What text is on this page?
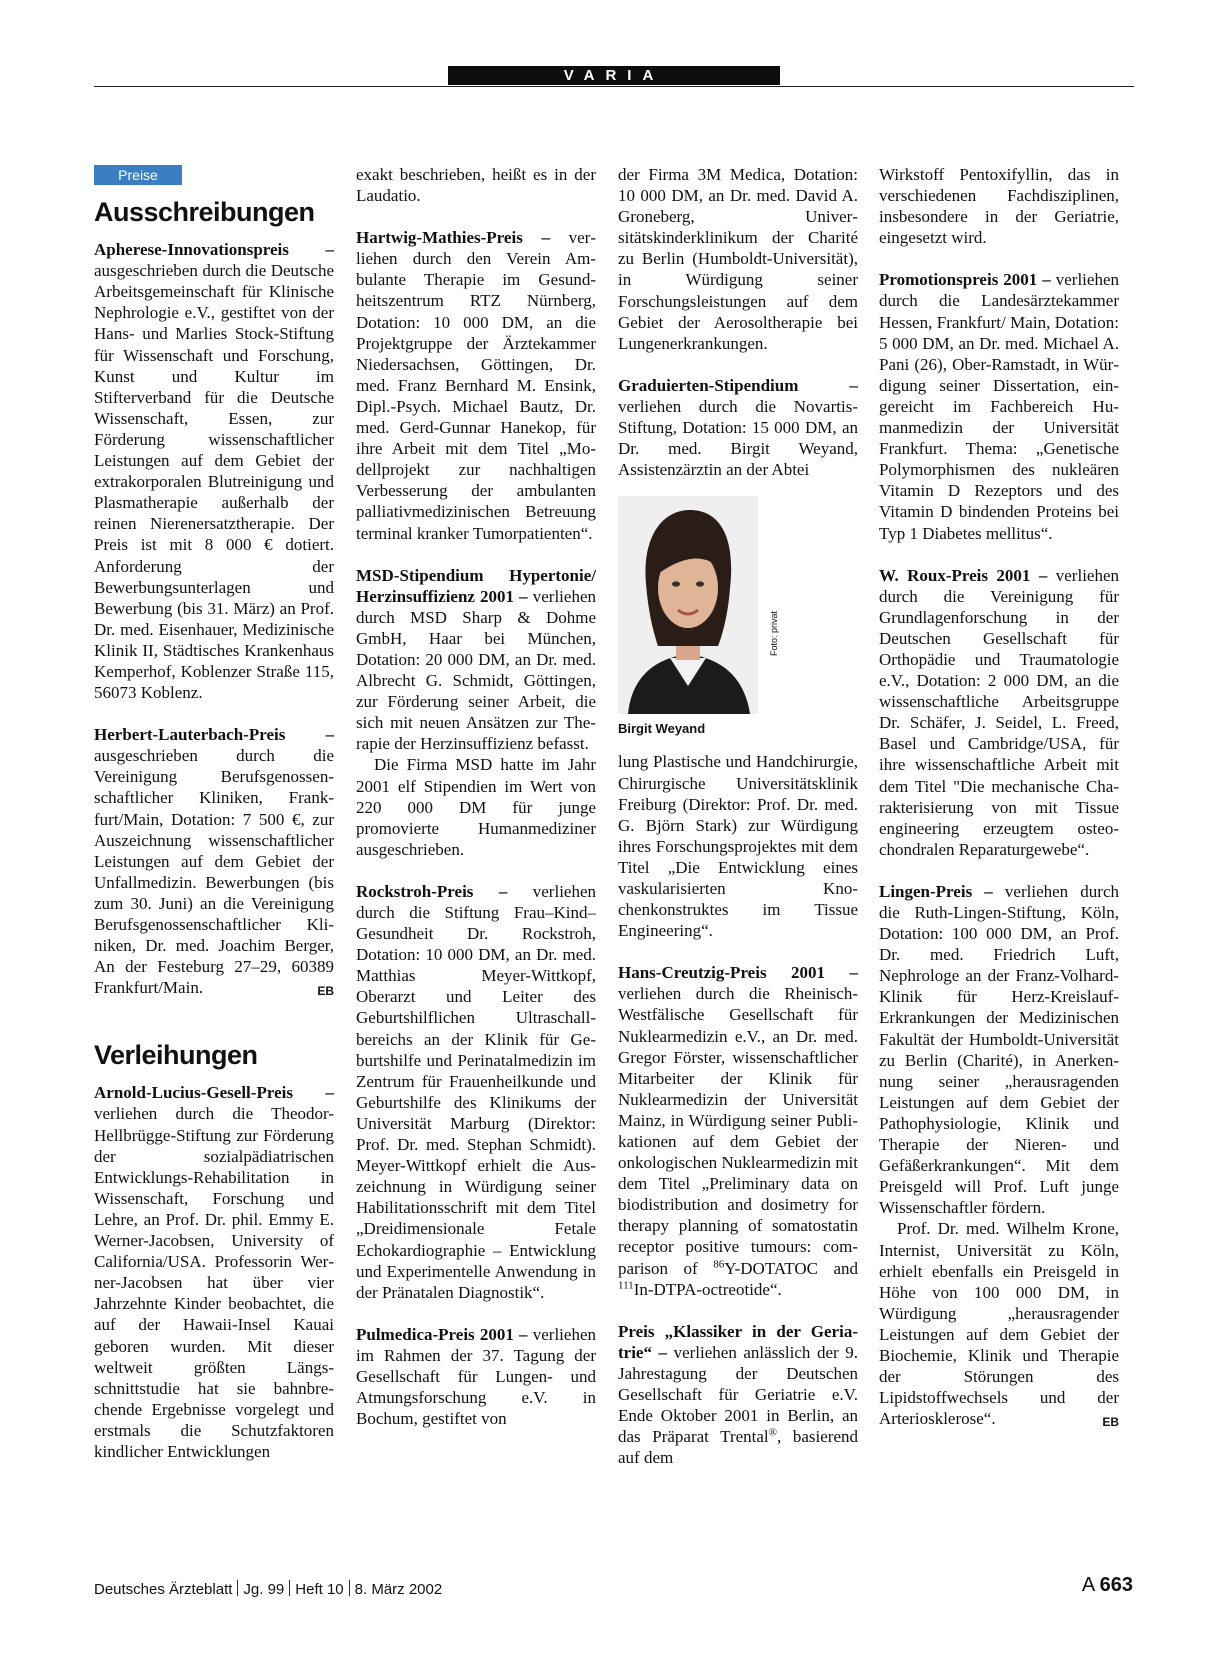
VARIA
Preise
Ausschreibungen

Apherese-Innovationspreis – ausgeschrieben durch die Deutsche Arbeitsgemeinschaft für Klinische Nephrologie e.V., gestiftet von der Hans- und Marlies Stock-Stiftung für Wissenschaft und Forschung, Kunst und Kultur im Stifterverband für die Deutsche Wissenschaft, Essen, zur Förderung wissenschaftlicher Leistungen auf dem Gebiet der extrakorporalen Blutreinigung und Plasmatherapie außerhalb der reinen Nierenersatztherapie. Der Preis ist mit 8 000 € dotiert. Anforderung der Bewerbungsunterlagen und Bewerbung (bis 31. März) an Prof. Dr. med. Eisenhauer, Medizinische Klinik II, Städtisches Krankenhaus Kemperhof, Koblenzer Straße 115, 56073 Koblenz.

Herbert-Lauterbach-Preis – ausgeschrieben durch die Vereinigung Berufsgenossenschaftlicher Kliniken, Frankfurt/Main, Dotation: 7 500 €, zur Auszeichnung wissenschaftlicher Leistungen auf dem Gebiet der Unfallmedizin. Bewerbungen (bis zum 30. Juni) an die Vereinigung Berufsgenossenschaftlicher Kliniken, Dr. med. Joachim Berger, An der Festeburg 27–29, 60389 Frankfurt/Main.	EB

Verleihungen

Arnold-Lucius-Gesell-Preis – verliehen durch die Theodor-Hellbrügge-Stiftung zur Förderung der sozialpädiatrischen Entwicklungs-Rehabilitation in Wissenschaft, Forschung und Lehre, an Prof. Dr. phil. Emmy E. Werner-Jacobsen, University of California/USA. Professorin Werner-Jacobsen hat über vier Jahrzehnte Kinder beobachtet, die auf der Hawaii-Insel Kauai geboren wurden. Mit dieser weltweit größten Längsschnittstudie hat sie bahnbrechende Ergebnisse vorgelegt und erstmals die Schutzfaktoren kindlicher Entwicklungen

exakt beschrieben, heißt es in der Laudatio.

Hartwig-Mathies-Preis – verliehen durch den Verein Ambulante Therapie im Gesundheitszentrum RTZ Nürnberg, Dotation: 10 000 DM, an die Projektgruppe der Ärztekammer Niedersachsen, Göttingen, Dr. med. Franz Bernhard M. Ensink, Dipl.-Psych. Michael Bautz, Dr. med. Gerd-Gunnar Hanekop, für ihre Arbeit mit dem Titel „Modellprojekt zur nachhaltigen Verbesserung der ambulanten palliativmedizinischen Betreuung terminal kranker Tumorpatienten“.

MSD-Stipendium Hypertonie/ Herzinsuffizienz 2001 – verliehen durch MSD Sharp & Dohme GmbH, Haar bei München, Dotation: 20 000 DM, an Dr. med. Albrecht G. Schmidt, Göttingen, zur Förderung seiner Arbeit, die sich mit neuen Ansätzen zur Therapie der Herzinsuffizienz befasst.

Die Firma MSD hatte im Jahr 2001 elf Stipendien im Wert von 220 000 DM für junge promovierte Humanmediziner ausgeschrieben.

Rockstroh-Preis – verliehen durch die Stiftung Frau–Kind–Gesundheit Dr. Rockstroh, Dotation: 10 000 DM, an Dr. med. Matthias Meyer-Wittkopf, Oberarzt und Leiter des Geburtshilflichen Ultraschallbereichs an der Klinik für Geburtshilfe und Perinatalmedizin im Zentrum für Frauenheilkunde und Geburtshilfe des Klinikums der Universität Marburg (Direktor: Prof. Dr. med. Stephan Schmidt). Meyer-Wittkopf erhielt die Auszeichnung in Würdigung seiner Habilitationsschrift mit dem Titel „Dreidimensionale Fetale Echokardiographie – Entwicklung und Experimentelle Anwendung in der Pränatalen Diagnostik“.

Pulmedica-Preis 2001 – verliehen im Rahmen der 37. Tagung der Gesellschaft für Lungen- und Atmungsforschung e.V. in Bochum, gestiftet von

der Firma 3M Medica, Dotation: 10 000 DM, an Dr. med. David A. Groneberg, Universitätskinderklinikum der Charité zu Berlin (Humboldt-Universität), in Würdigung seiner Forschungsleistungen auf dem Gebiet der Aerosoltherapie bei Lungenerkrankungen.

Graduierten-Stipendium – verliehen durch die Novartis-Stiftung, Dotation: 15 000 DM, an Dr. med. Birgit Weyand, Assistenzärztin an der Abtei

Foto: privat
Birgit Weyand

lung Plastische und Handchirurgie, Chirurgische Universitätsklinik Freiburg (Direktor: Prof. Dr. med. G. Björn Stark) zur Würdigung ihres Forschungsprojektes mit dem Titel „Die Entwicklung eines vaskularisierten Knochenkonstruktes im Tissue Engineering“.

Hans-Creutzig-Preis 2001 – verliehen durch die Rheinisch-Westfälische Gesellschaft für Nuklearmedizin e.V., an Dr. med. Gregor Förster, wissenschaftlicher Mitarbeiter der Klinik für Nuklearmedizin der Universität Mainz, in Würdigung seiner Publikationen auf dem Gebiet der onkologischen Nuklearmedizin mit dem Titel „Preliminary data on biodistribution and dosimetry for therapy planning of somatostatin receptor positive tumours: comparison of $^{86}$Y-DOTATOC and $^{111}$In-DTPA-octreotide“.

Preis „Klassiker in der Geriatrie“ – verliehen anlässlich der 9. Jahrestagung der Deutschen Gesellschaft für Geriatrie e.V. Ende Oktober 2001 in Berlin, an das Präparat Trental®, basierend auf dem

Wirkstoff Pentoxifyllin, das in verschiedenen Fachdisziplinen, insbesondere in der Geriatrie, eingesetzt wird.

Promotionspreis 2001 – verliehen durch die Landesärztekammer Hessen, Frankfurt/ Main, Dotation: 5 000 DM, an Dr. med. Michael A. Pani (26), Ober-Ramstadt, in Würdigung seiner Dissertation, eingereicht im Fachbereich Humanmedizin der Universität Frankfurt. Thema: „Genetische Polymorphismen des nukleären Vitamin D Rezeptors und des Vitamin D bindenden Proteins bei Typ 1 Diabetes mellitus“.

W. Roux-Preis 2001 – verliehen durch die Vereinigung für Grundlagenforschung in der Deutschen Gesellschaft für Orthopädie und Traumatologie e.V., Dotation: 2 000 DM, an die wissenschaftliche Arbeitsgruppe Dr. Schäfer, J. Seidel, L. Freed, Basel und Cambridge/USA, für ihre wissenschaftliche Arbeit mit dem Titel "Die mechanische Charakterisierung von mit Tissue engineering erzeugtem osteochondralen Reparaturgewebe“.

Lingen-Preis – verliehen durch die Ruth-Lingen-Stiftung, Köln, Dotation: 100 000 DM, an Prof. Dr. med. Friedrich Luft, Nephrologe an der Franz-Volhard-Klinik für Herz-Kreislauf-Erkrankungen der Medizinischen Fakultät der Humboldt-Universität zu Berlin (Charité), in Anerkennung seiner „herausragenden Leistungen auf dem Gebiet der Pathophysiologie, Klinik und Therapie der Nieren- und Gefäßerkrankungen“. Mit dem Preisgeld will Prof. Luft junge Wissenschaftler fördern.

Prof. Dr. med. Wilhelm Krone, Internist, Universität zu Köln, erhielt ebenfalls ein Preisgeld in Höhe von 100 000 DM, in Würdigung „herausragender Leistungen auf dem Gebiet der Biochemie, Klinik und Therapie der Störungen des Lipidstoffwechsels und der Arteriosklerose“.	EB

Deutsches Ärzteblatt Jg. 99 Heft 10 8. März 2002	A 663
